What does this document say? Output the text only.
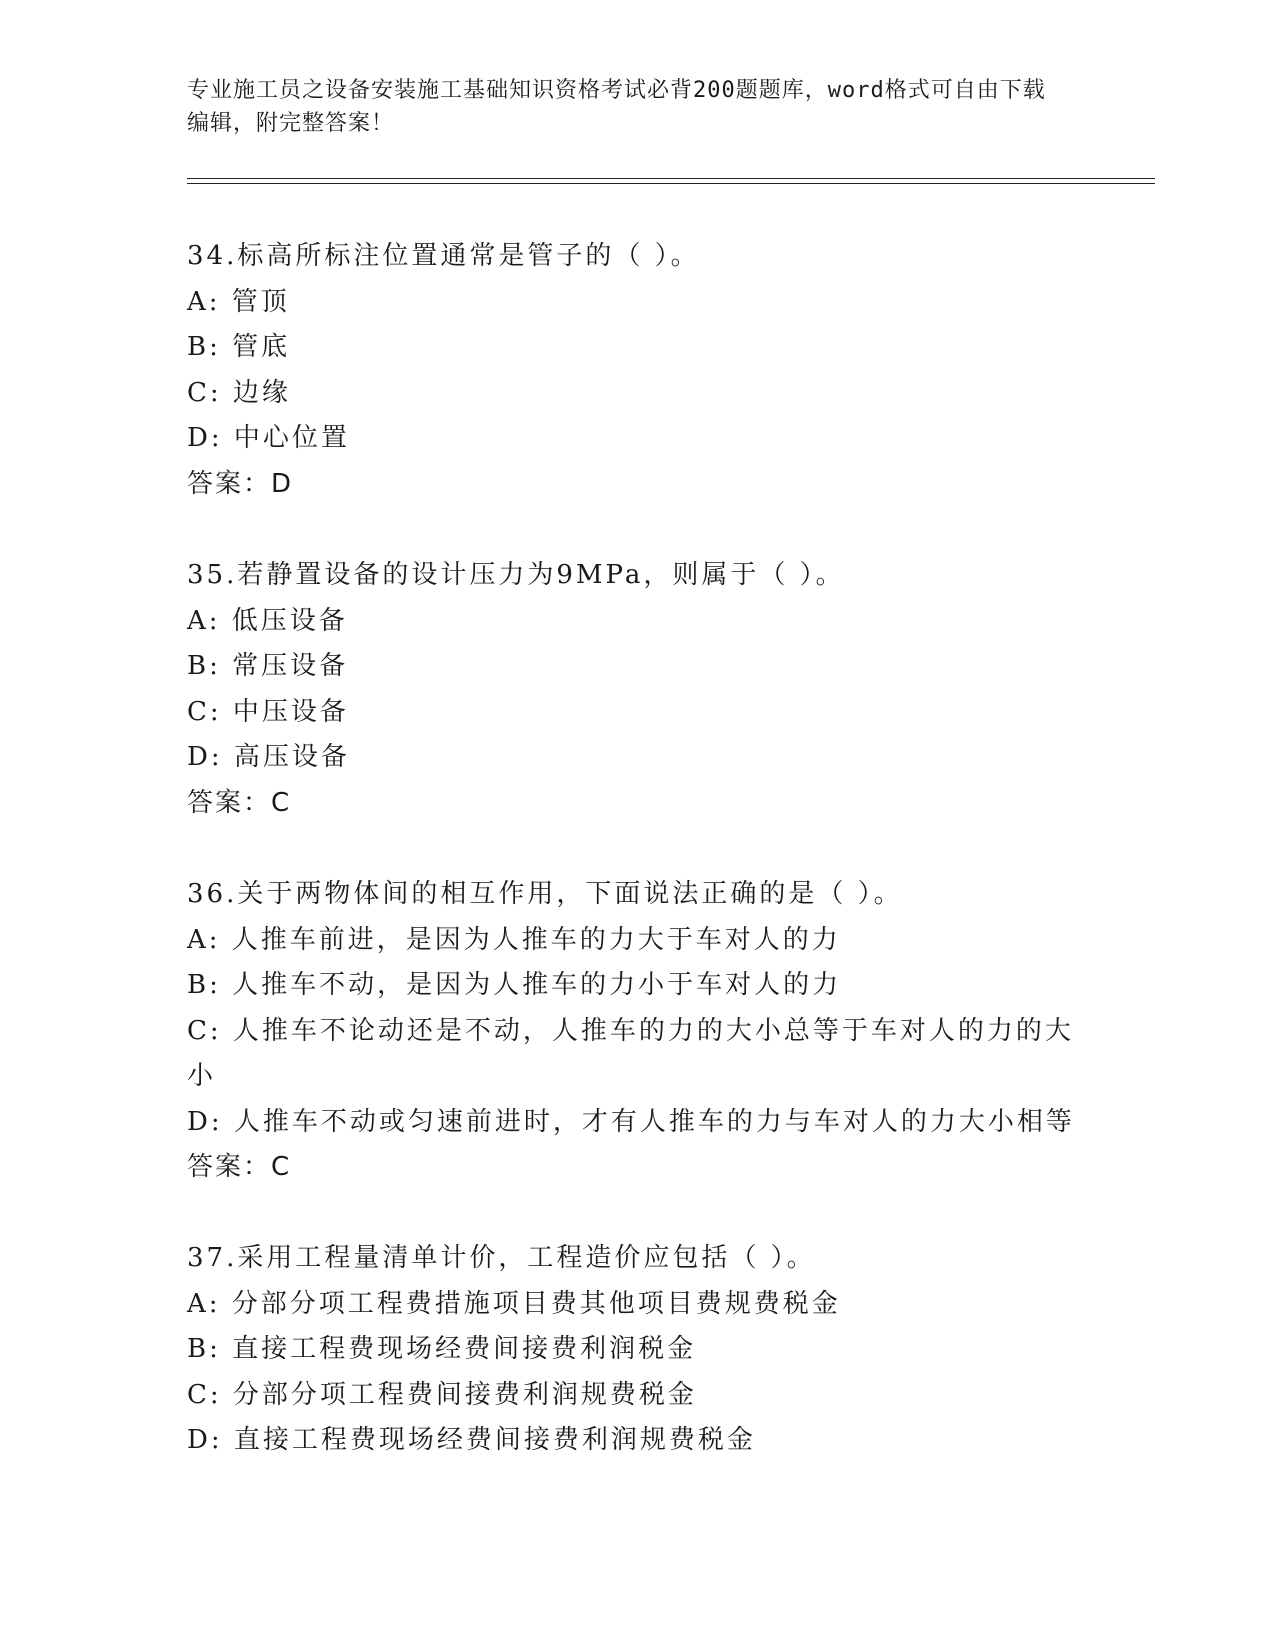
专业施工员之设备安装施工基础知识资格考试必背200题题库，word格式可自由下载编辑，附完整答案！
34.标高所标注位置通常是管子的（ ）。
A: 管顶
B: 管底
C: 边缘
D: 中心位置
答案：D
35.若静置设备的设计压力为9MPa，则属于（ ）。
A: 低压设备
B: 常压设备
C: 中压设备
D: 高压设备
答案：C
36.关于两物体间的相互作用，下面说法正确的是（ ）。
A: 人推车前进，是因为人推车的力大于车对人的力
B: 人推车不动，是因为人推车的力小于车对人的力
C: 人推车不论动还是不动，人推车的力的大小总等于车对人的力的大小
D: 人推车不动或匀速前进时，才有人推车的力与车对人的力大小相等
答案：C
37.采用工程量清单计价，工程造价应包括（ ）。
A: 分部分项工程费措施项目费其他项目费规费税金
B: 直接工程费现场经费间接费利润税金
C: 分部分项工程费间接费利润规费税金
D: 直接工程费现场经费间接费利润规费税金
